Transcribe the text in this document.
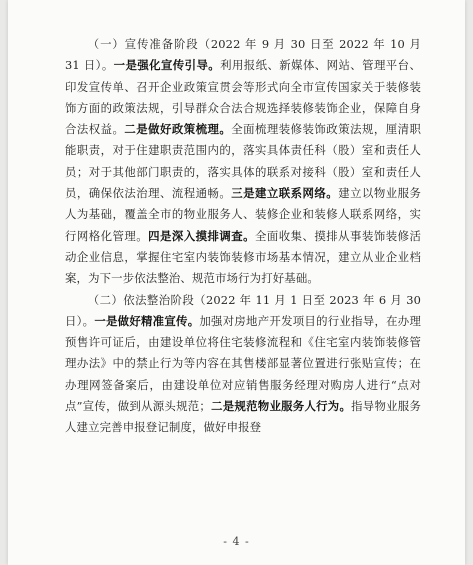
（一）宣传准备阶段（2022 年 9 月 30 日至 2022 年 10 月 31 日）。一是强化宣传引导。利用报纸、新媒体、网站、管理平台、印发宣传单、召开企业政策宣贯会等形式向全市宣传国家关于装修装饰方面的政策法规，引导群众合法合规选择装修装饰企业，保障自身合法权益。二是做好政策梳理。全面梳理装修装饰政策法规，厘清职能职责，对于住建职责范围内的，落实具体责任科（股）室和责任人员；对于其他部门职责的，落实具体的联系对接科（股）室和责任人员，确保依法治理、流程通畅。三是建立联系网络。建立以物业服务人为基础，覆盖全市的物业服务人、装修企业和装修人联系网络，实行网格化管理。四是深入摸排调查。全面收集、摸排从事装饰装修活动企业信息，掌握住宅室内装饰装修市场基本情况，建立从业企业档案，为下一步依法整治、规范市场行为打好基础。

（二）依法整治阶段（2022 年 11 月 1 日至 2023 年 6 月 30 日）。一是做好精准宣传。加强对房地产开发项目的行业指导，在办理预售许可证后，由建设单位将住宅装修流程和《住宅室内装饰装修管理办法》中的禁止行为等内容在其售楼部显著位置进行张贴宣传；在办理网签备案后，由建设单位对应销售服务经理对购房人进行“点对点”宣传，做到从源头规范；二是规范物业服务人行为。指导物业服务人建立完善申报登记制度，做好申报登

- 4 -
